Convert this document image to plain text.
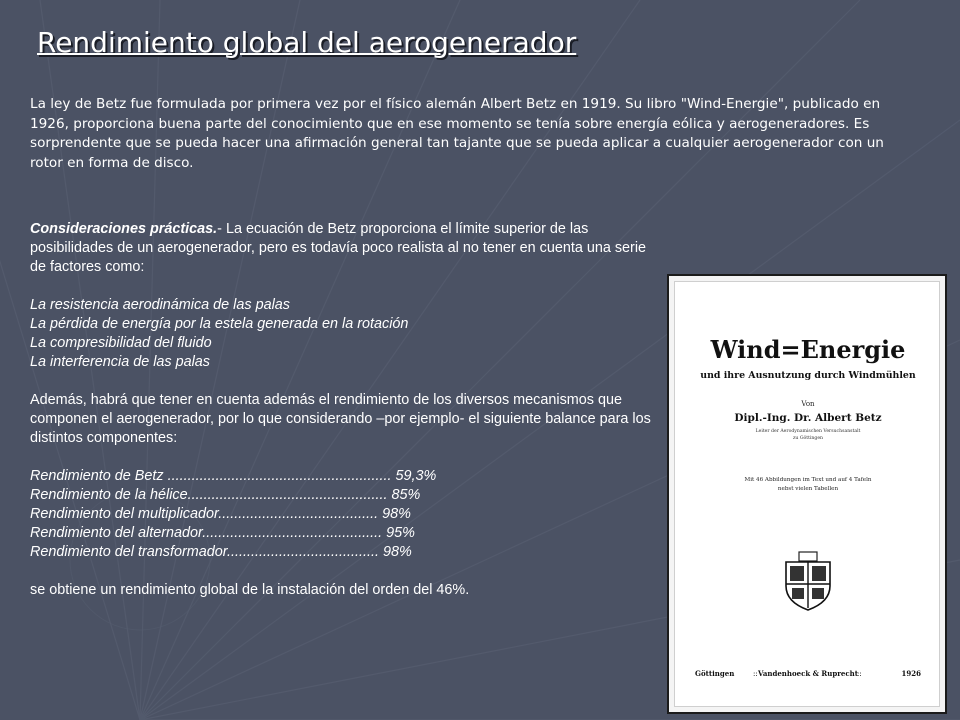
Rendimiento global del aerogenerador

La ley de Betz fue formulada por primera vez por el físico alemán Albert Betz en 1919. Su libro "Wind-Energie", publicado en 1926, proporciona buena parte del conocimiento que en ese momento se tenía sobre energía eólica y aerogeneradores. Es sorprendente que se pueda hacer una afirmación general tan tajante que se pueda aplicar a cualquier aerogenerador con un rotor en forma de disco.

Consideraciones prácticas.- La ecuación de Betz proporciona el límite superior de las posibilidades de un aerogenerador, pero es todavía poco realista al no tener en cuenta una serie de factores como:

La resistencia aerodinámica de las palas

La pérdida de energía por la estela generada en la rotación

La compresibilidad del fluido

La interferencia de las palas

Además, habrá que tener en cuenta además el rendimiento de los diversos mecanismos que componen el aerogenerador, por lo que considerando –por ejemplo- el siguiente balance para los distintos componentes:

Rendimiento de Betz ........................................................ 59,3%

Rendimiento de la hélice.................................................. 85%

Rendimiento del multiplicador........................................ 98%

Rendimiento del alternador............................................. 95%

Rendimiento del transformador...................................... 98%

se obtiene un rendimiento global de la instalación del orden del 46%.

Wind=Energie
und ihre Ausnutzung durch Windmühlen
Von
Dipl.-Ing. Dr. Albert Betz
Leiter der Aerodynamischen Versuchsanstalt
zu Göttingen
Mit 46 Abbildungen im Text und auf 4 Tafeln
nebst vielen Tabellen
Göttingen	Vandenhoeck & Ruprecht	1926
::	::
